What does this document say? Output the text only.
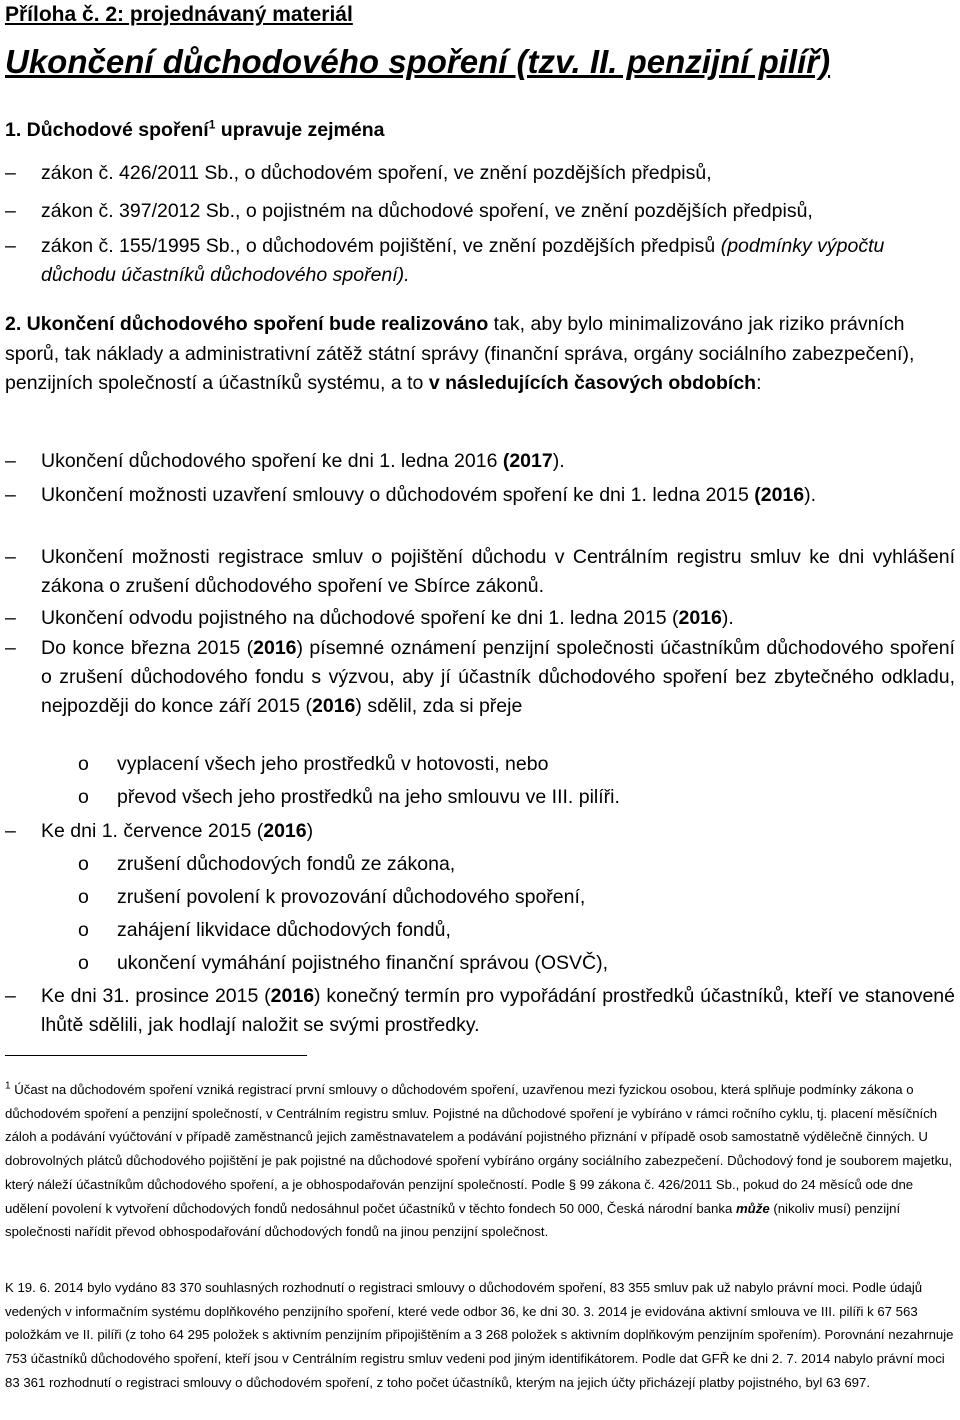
Příloha č. 2: projednávaný materiál

Ukončení důchodového spoření (tzv. II. penzijní pilíř)

1. Důchodové spoření$^1$ upravuje zejména
–	zákon č. 426/2011 Sb., o důchodovém spoření, ve znění pozdějších předpisů,
–	zákon č. 397/2012 Sb., o pojistném na důchodové spoření, ve znění pozdějších předpisů,
–	zákon č. 155/1995 Sb., o důchodovém pojištění, ve znění pozdějších předpisů (podmínky výpočtu důchodu účastníků důchodového spoření).
2. Ukončení důchodového spoření bude realizováno tak, aby bylo minimalizováno jak riziko právních sporů, tak náklady a administrativní zátěž státní správy (finanční správa, orgány sociálního zabezpečení), penzijních společností a účastníků systému, a to v následujících časových obdobích:
–	Ukončení důchodového spoření ke dni 1. ledna 2016 (2017).
–	Ukončení možnosti uzavření smlouvy o důchodovém spoření ke dni 1. ledna 2015 (2016).
–	Ukončení možnosti registrace smluv o pojištění důchodu v Centrálním registru smluv ke dni vyhlášení zákona o zrušení důchodového spoření ve Sbírce zákonů.
–	Ukončení odvodu pojistného na důchodové spoření ke dni 1. ledna 2015 (2016).
–	Do konce března 2015 (2016) písemné oznámení penzijní společnosti účastníkům důchodového spoření o zrušení důchodového fondu s výzvou, aby jí účastník důchodového spoření bez zbytečného odkladu, nejpozději do konce září 2015 (2016) sdělil, zda si přeje
o vyplacení všech jeho prostředků v hotovosti, nebo
o převod všech jeho prostředků na jeho smlouvu ve III. pilíři.
–	Ke dni 1. července 2015 (2016)
o zrušení důchodových fondů ze zákona,
o zrušení povolení k provozování důchodového spoření,
o zahájení likvidace důchodových fondů,
o ukončení vymáhání pojistného finanční správou (OSVČ),
–	Ke dni 31. prosince 2015 (2016) konečný termín pro vypořádání prostředků účastníků, kteří ve stanovené lhůtě sdělili, jak hodlají naložit se svými prostředky.
$^1$ Účast na důchodovém spoření vzniká registrací první smlouvy o důchodovém spoření, uzavřenou mezi fyzickou osobou, která splňuje podmínky zákona o důchodovém spoření a penzijní společností, v Centrálním registru smluv. Pojistné na důchodové spoření je vybíráno v rámci ročního cyklu, tj. placení měsíčních záloh a podávání vyúčtování v případě zaměstnanců jejich zaměstnavatelem a podávání pojistného přiznání v případě osob samostatně výdělečně činných. U dobrovolných plátců důchodového pojištění je pak pojistné na důchodové spoření vybíráno orgány sociálního zabezpečení. Důchodový fond je souborem majetku, který náleží účastníkům důchodového spoření, a je obhospodařován penzijní společností. Podle § 99 zákona č. 426/2011 Sb., pokud do 24 měsíců ode dne udělení povolení k vytvoření důchodových fondů nedosáhnul počet účastníků v těchto fondech 50 000, Česká národní banka může (nikoliv musí) penzijní společnosti nařídit převod obhospodařování důchodových fondů na jinou penzijní společnost.
K 19. 6. 2014 bylo vydáno 83 370 souhlasných rozhodnutí o registraci smlouvy o důchodovém spoření, 83 355 smluv pak už nabylo právní moci. Podle údajů vedených v informačním systému doplňkového penzijního spoření, které vede odbor 36, ke dni 30. 3. 2014 je evidována aktivní smlouva ve III. pilíři k 67 563 položkám ve II. pilíři (z toho 64 295 položek s aktivním penzijním připojištěním a 3 268 položek s aktivním doplňkovým penzijním spořením). Porovnání nezahrnuje 753 účastníků důchodového spoření, kteří jsou v Centrálním registru smluv vedeni pod jiným identifikátorem. Podle dat GFŘ ke dni 2. 7. 2014 nabylo právní moci 83 361 rozhodnutí o registraci smlouvy o důchodovém spoření, z toho počet účastníků, kterým na jejich účty přicházejí platby pojistného, byl 63 697.
